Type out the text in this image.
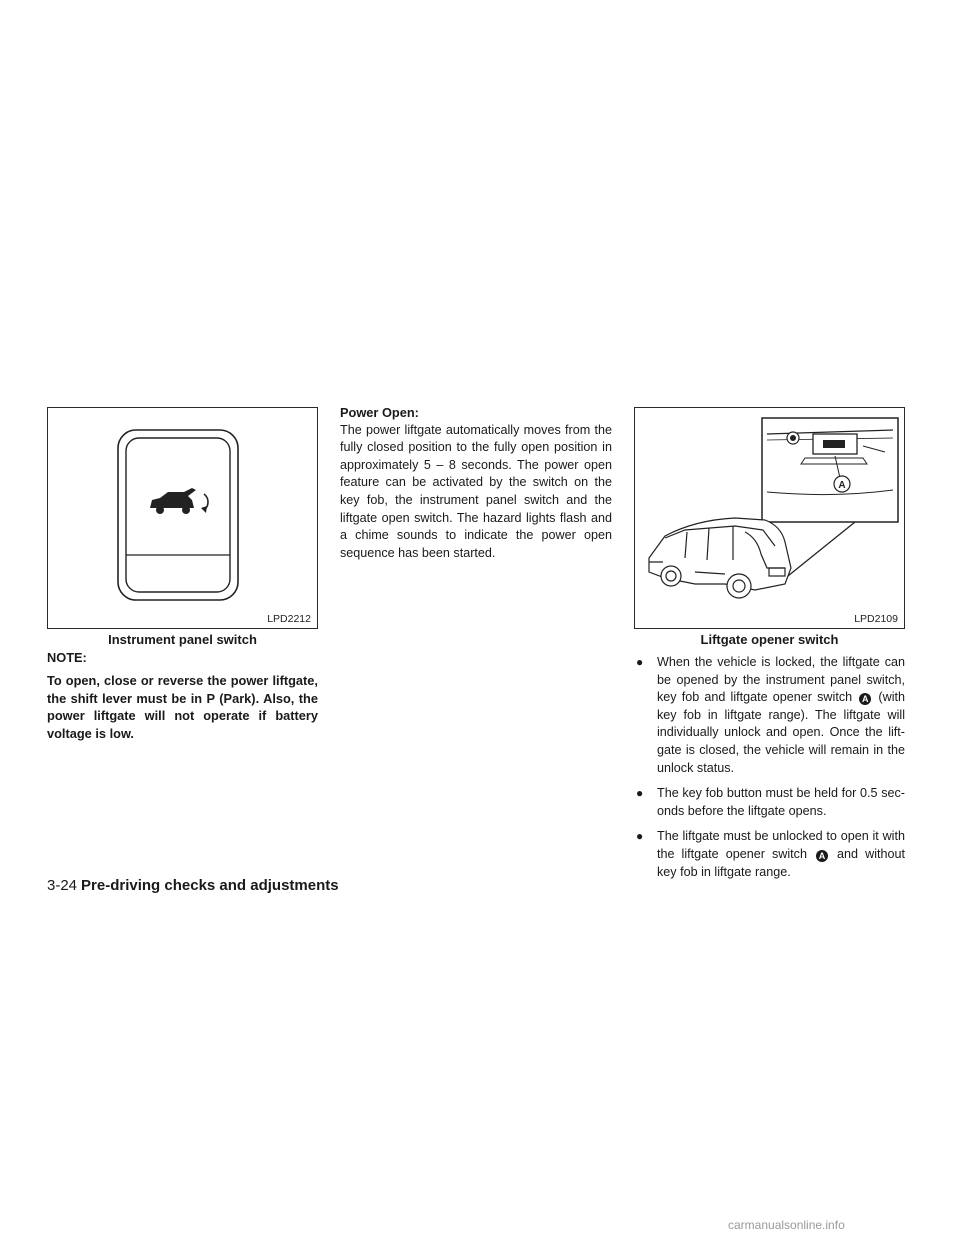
LPD2212
Instrument panel switch
NOTE:
To open, close or reverse the power liftgate, the shift lever must be in P (Park). Also, the power liftgate will not operate if battery voltage is low.

Power Open:

The power liftgate automatically moves from the fully closed position to the fully open position in approximately 5 – 8 seconds. The power open feature can be activated by the switch on the key fob, the instrument panel switch and the liftgate open switch. The hazard lights flash and a chime sounds to indicate the power open sequence has been started.

A
LPD2109
Liftgate opener switch
● When the vehicle is locked, the liftgate can be opened by the instrument panel switch, key fob and liftgate opener switch A (with key fob in liftgate range). The liftgate will individually unlock and open. Once the lift- gate is closed, the vehicle will remain in the unlock status.
● The key fob button must be held for 0.5 sec- onds before the liftgate opens.
● The liftgate must be unlocked to open it with the liftgate opener switch A and without key fob in liftgate range.
3-24 Pre-driving checks and adjustments
carmanualsonline.info
